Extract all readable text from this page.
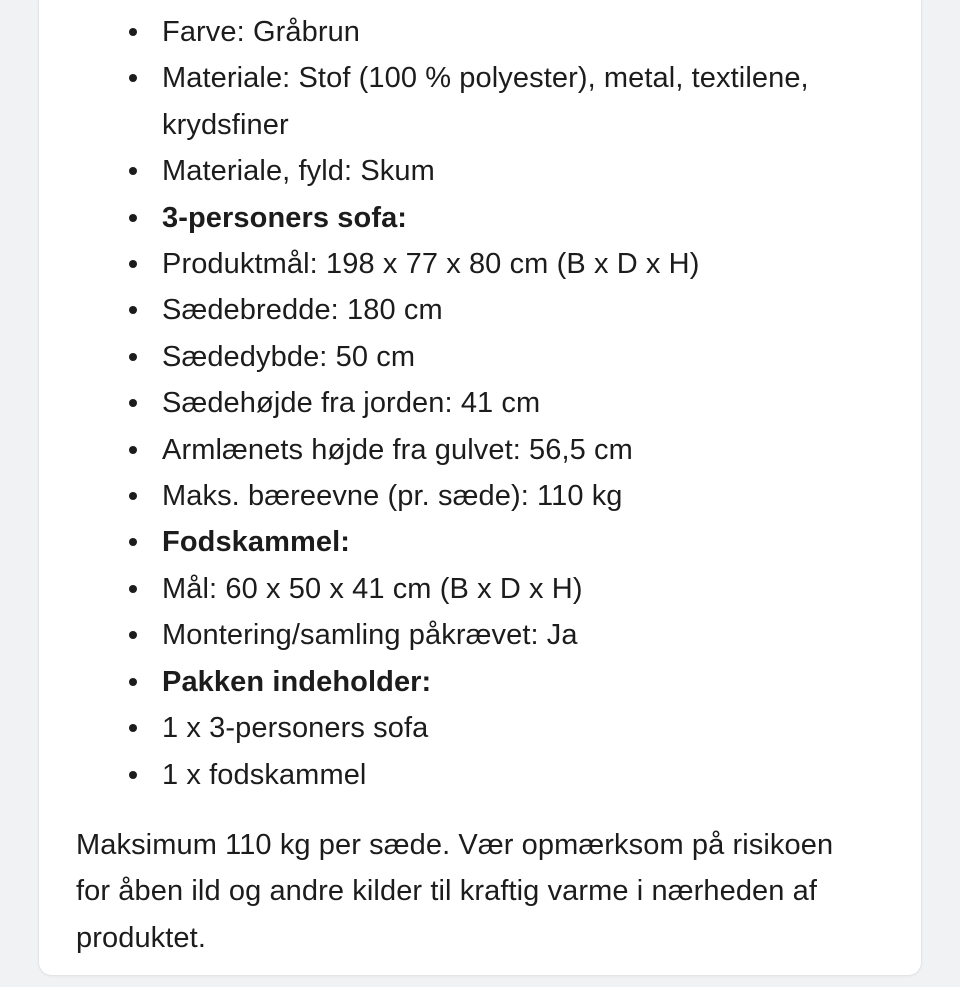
Farve: Gråbrun
Materiale: Stof (100 % polyester), metal, textilene, krydsfiner
Materiale, fyld: Skum
3-personers sofa:
Produktmål: 198 x 77 x 80 cm (B x D x H)
Sædebredde: 180 cm
Sædedybde: 50 cm
Sædehøjde fra jorden: 41 cm
Armlænets højde fra gulvet: 56,5 cm
Maks. bæreevne (pr. sæde): 110 kg
Fodskammel:
Mål: 60 x 50 x 41 cm (B x D x H)
Montering/samling påkrævet: Ja
Pakken indeholder:
1 x 3-personers sofa
1 x fodskammel

Maksimum 110 kg per sæde. Vær opmærksom på risikoen for åben ild og andre kilder til kraftig varme i nærheden af produktet.
